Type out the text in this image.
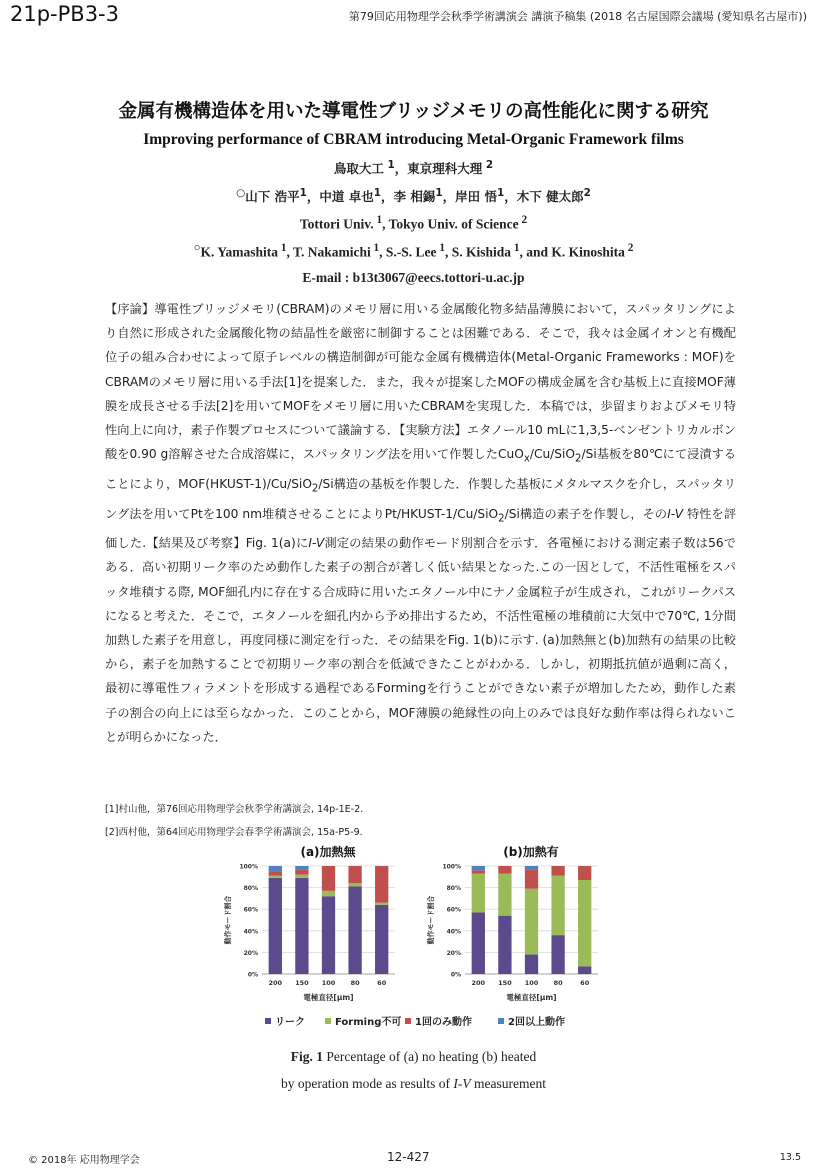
21p-PB3-3	第79回応用物理学会秋季学術講演会 講演予稿集 (2018 名古屋国際会議場 (愛知県名古屋市))
金属有機構造体を用いた導電性ブリッジメモリの高性能化に関する研究
Improving performance of CBRAM introducing Metal-Organic Framework films
鳥取大工 $^1$，東京理科大理 $^2$
○山下 浩平$^1$，中道 卓也$^1$，李 相錫$^1$，岸田 悟$^1$，木下 健太郎$^2$
Tottori Univ. $^1$, Tokyo Univ. of Science $^2$
○K. Yamashita $^1$, T. Nakamichi $^1$, S.-S. Lee $^1$, S. Kishida $^1$, and K. Kinoshita $^2$
E-mail : b13t3067@eecs.tottori-u.ac.jp
【序論】導電性ブリッジメモリ(CBRAM)のメモリ層に用いる金属酸化物多結晶薄膜において，スパッタリングにより自然に形成された金属酸化物の結晶性を厳密に制御することは困難である．そこで，我々は金属イオンと有機配位子の組み合わせによって原子レベルの構造制御が可能な金属有機構造体(Metal-Organic Frameworks : MOF)をCBRAMのメモリ層に用いる手法[1]を提案した．また，我々が提案したMOFの構成金属を含む基板上に直接MOF薄膜を成長させる手法[2]を用いてMOFをメモリ層に用いたCBRAMを実現した．本稿では，歩留まりおよびメモリ特性向上に向け，素子作製プロセスについて議論する．【実験方法】エタノール10 mLに1,3,5-ベンゼントリカルボン酸を0.90 g溶解させた合成溶媒に，スパッタリング法を用いて作製したCuO$_x$/Cu/SiO$_2$/Si基板を80℃にて浸漬することにより，MOF(HKUST-1)/Cu/SiO$_2$/Si構造の基板を作製した．作製した基板にメタルマスクを介し，スパッタリング法を用いてPtを100 nm堆積させることによりPt/HKUST-1/Cu/SiO$_2$/Si構造の素子を作製し，そのI-V 特性を評価した.【結果及び考察】Fig. 1(a)にI-V測定の結果の動作モード別割合を示す．各電極における測定素子数は56である．高い初期リーク率のため動作した素子の割合が著しく低い結果となった.この一因として，不活性電極をスパッタ堆積する際, MOF細孔内に存在する合成時に用いたエタノール中にナノ金属粒子が生成され，これがリークパスになると考えた．そこで，エタノールを細孔内から予め排出するため，不活性電極の堆積前に大気中で70℃, 1分間加熱した素子を用意し，再度同様に測定を行った．その結果をFig. 1(b)に示す. (a)加熱無と(b)加熱有の結果の比較から，素子を加熱することで初期リーク率の割合を低減できたことがわかる．しかし，初期抵抗値が過剰に高く，最初に導電性フィラメントを形成する過程であるFormingを行うことができない素子が増加したため，動作した素子の割合の向上には至らなかった．このことから，MOF薄膜の絶縁性の向上のみでは良好な動作率は得られないことが明らかになった．
[1]村山他，第76回応用物理学会秋季学術講演会, 14p-1E-2.
[2]西村他，第64回応用物理学会春季学術講演会, 15a-P5-9.
(a)加熱無
0%
20%
40%
60%
80%
100%
動作モード割合
200 150 100 80	60
電極直径[μm]
(b)加熱有
0%
20%
40%
60%
80%
100%
動作モード割合
200 150 100 80	60
電極直径[μm]
リーク	Forming不可 1回のみ動作	2回以上動作
Fig. 1 Percentage of (a) no heating (b) heated
by operation mode as results of I-V measurement
© 2018年 応用物理学会	12-427	13.5
